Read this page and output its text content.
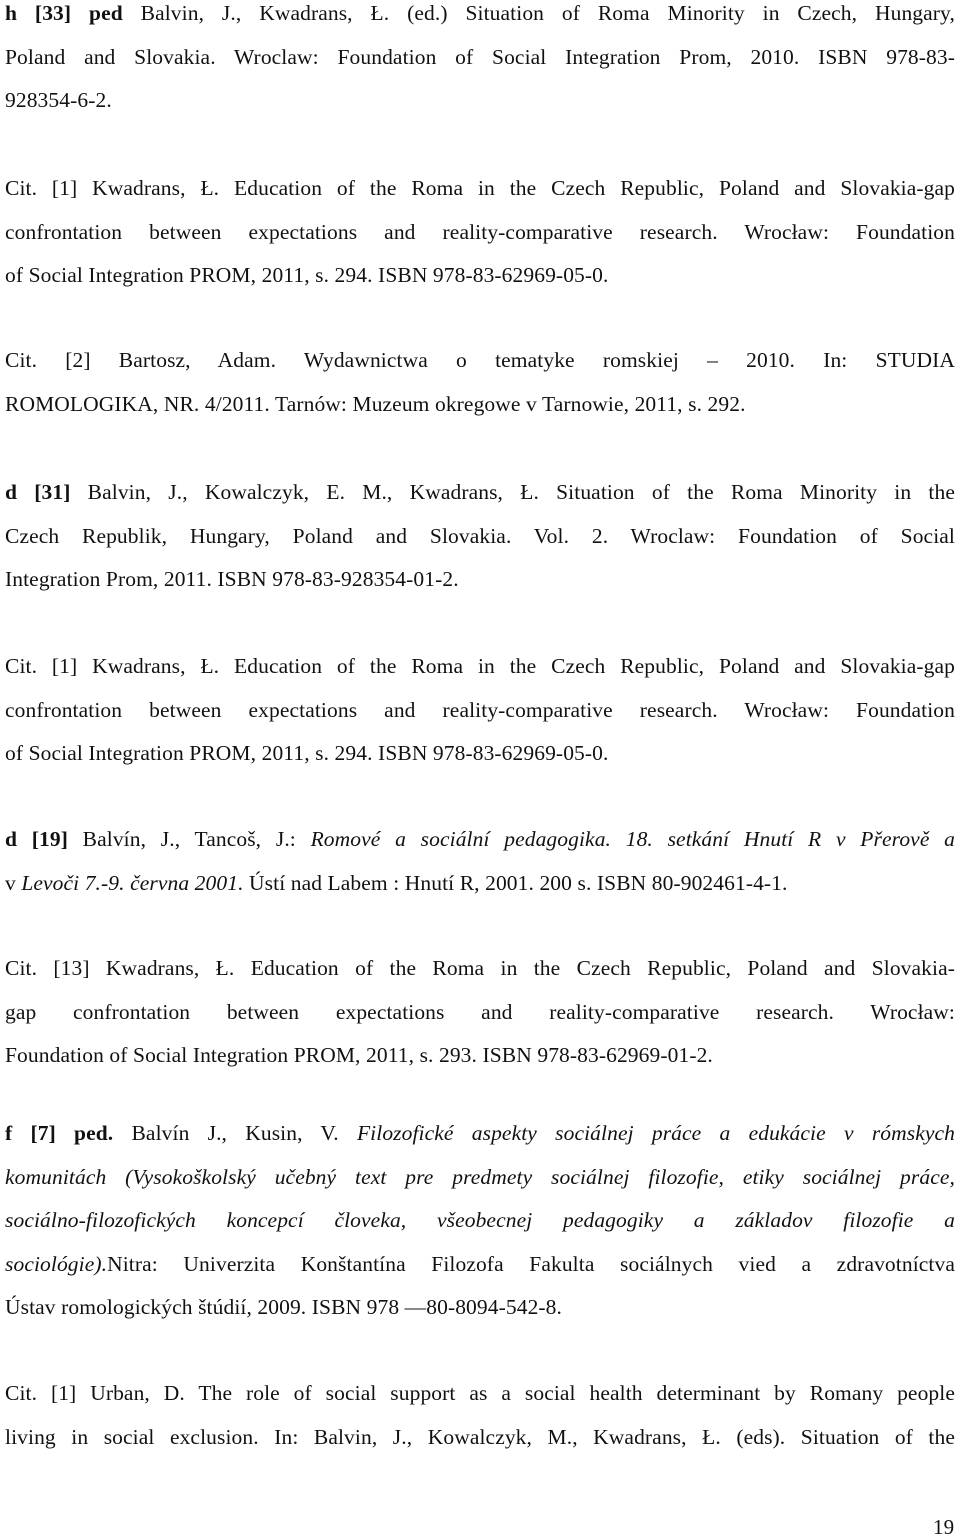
h [33] ped Balvin, J., Kwadrans, Ł. (ed.) Situation of Roma Minority in Czech, Hungary,
Poland and Slovakia. Wroclaw: Foundation of Social Integration Prom, 2010. ISBN 978-83-
928354-6-2.
Cit. [1] Kwadrans, Ł. Education of the Roma in the Czech Republic, Poland and Slovakia-gap
confrontation between expectations and reality-comparative research. Wrocław: Foundation
of Social Integration PROM, 2011, s. 294. ISBN 978-83-62969-05-0.
Cit. [2] Bartosz, Adam. Wydawnictwa o tematyke romskiej – 2010. In: STUDIA
ROMOLOGIKA, NR. 4/2011. Tarnów: Muzeum okregowe v Tarnowie, 2011, s. 292.
d [31] Balvin, J., Kowalczyk, E. M., Kwadrans, Ł. Situation of the Roma Minority in the
Czech Republik, Hungary, Poland and Slovakia. Vol. 2. Wroclaw: Foundation of Social
Integration Prom, 2011. ISBN 978-83-928354-01-2.
Cit. [1] Kwadrans, Ł. Education of the Roma in the Czech Republic, Poland and Slovakia-gap
confrontation between expectations and reality-comparative research. Wrocław: Foundation
of Social Integration PROM, 2011, s. 294. ISBN 978-83-62969-05-0.
d [19] Balvín, J., Tancoš, J.: Romové a sociální pedagogika. 18. setkání Hnutí R v Přerově a
v Levoči 7.-9. června 2001. Ústí nad Labem : Hnutí R, 2001. 200 s. ISBN 80-902461-4-1.
Cit. [13] Kwadrans, Ł. Education of the Roma in the Czech Republic, Poland and Slovakia-
gap confrontation between expectations and reality-comparative research. Wrocław:
Foundation of Social Integration PROM, 2011, s. 293. ISBN 978-83-62969-01-2.
f [7] ped. Balvín J., Kusin, V. Filozofické aspekty sociálnej práce a edukácie v rómskych
komunitách (Vysokoškolský učebný text pre predmety sociálnej filozofie, etiky sociálnej práce,
sociálno-filozofických koncepcí človeka, všeobecnej pedagogiky a základov filozofie a
sociológie).Nitra: Univerzita Konštantína Filozofa Fakulta sociálnych vied a zdravotníctva
Ústav romologických štúdií, 2009. ISBN 978 —80-8094-542-8.
Cit. [1] Urban, D. The role of social support as a social health determinant by Romany people
living in social exclusion. In: Balvin, J., Kowalczyk, M., Kwadrans, Ł. (eds). Situation of the
19
